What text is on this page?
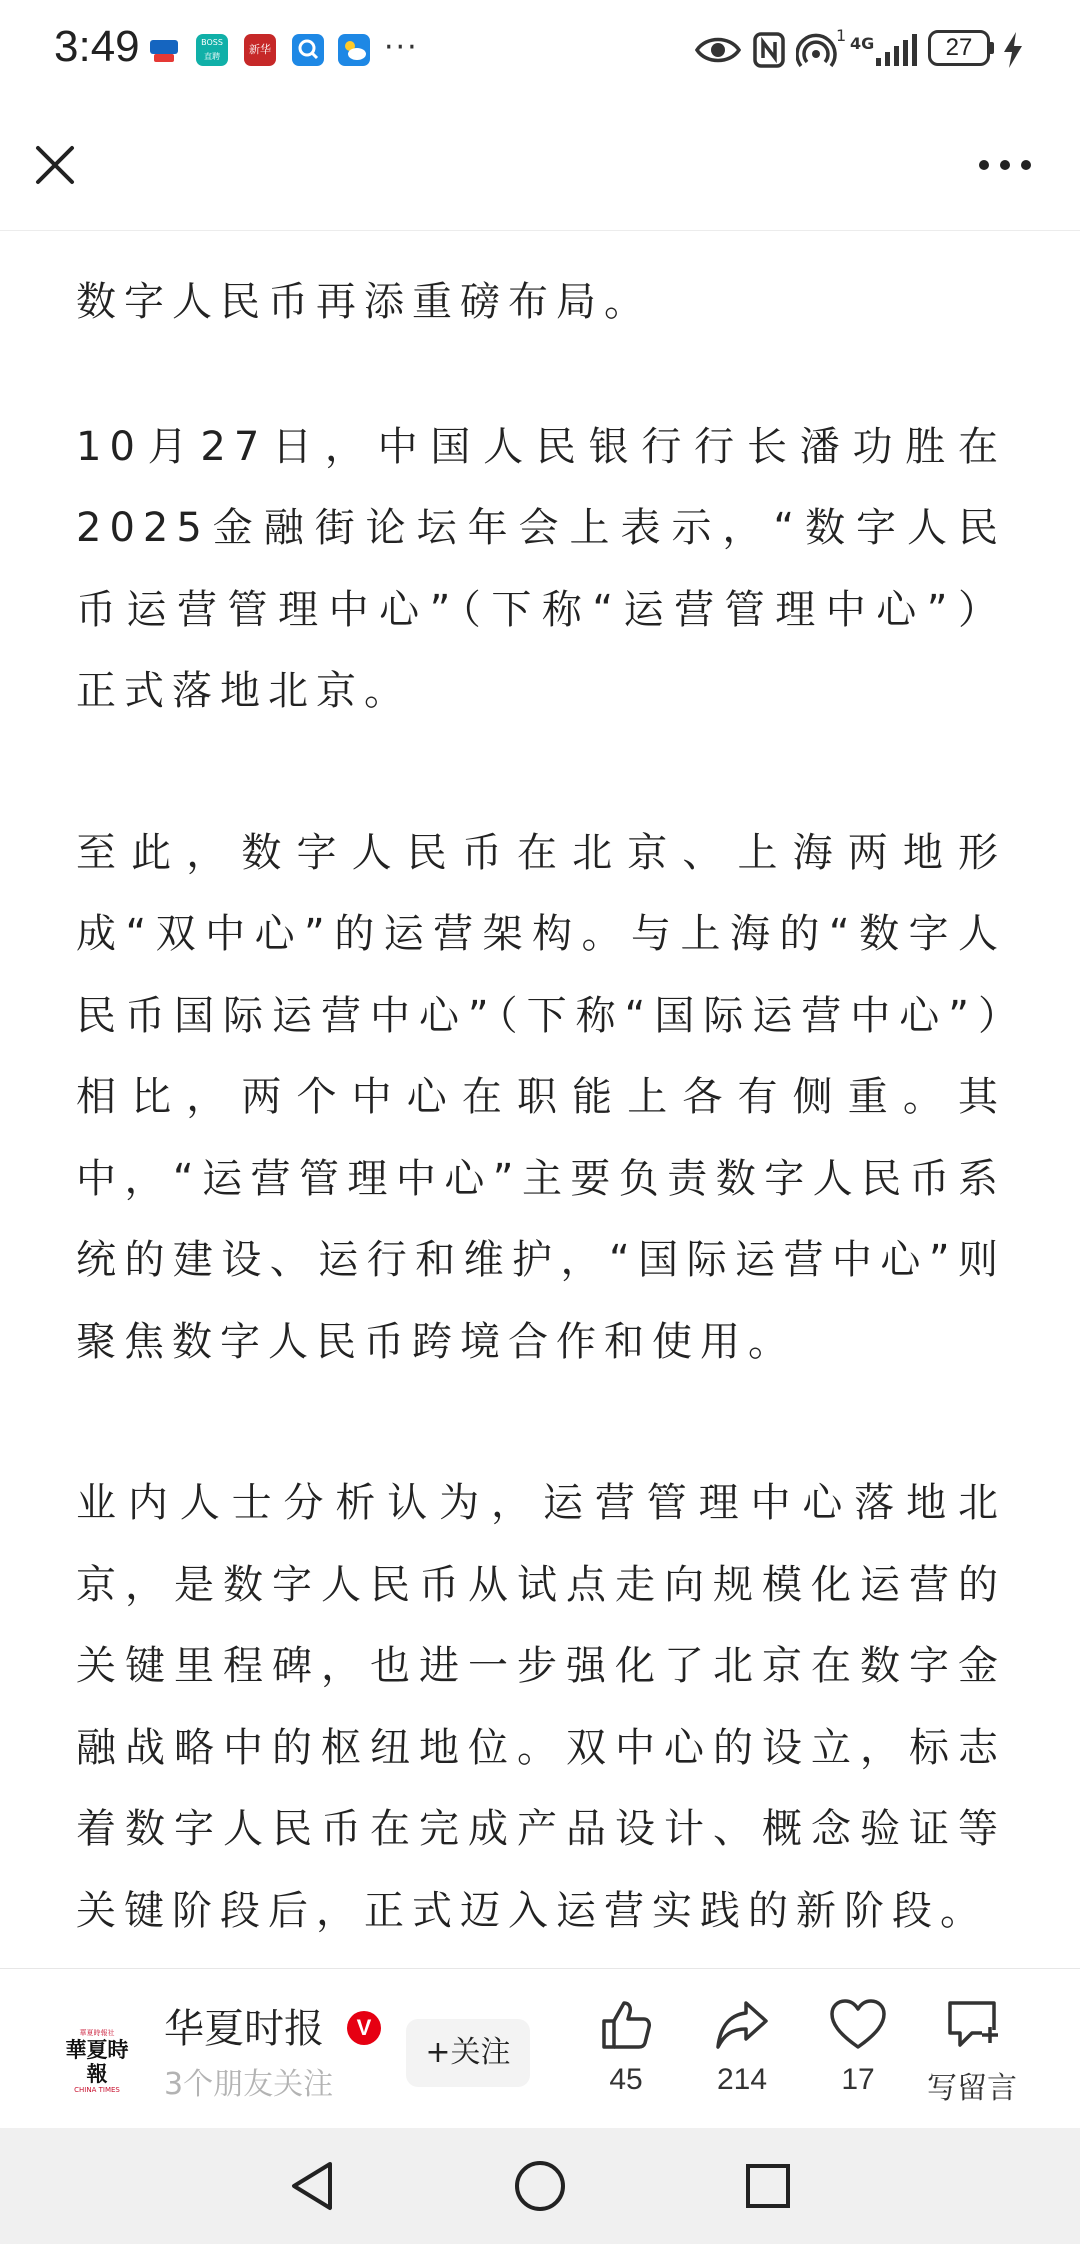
3:49	BOSS
直聘
新华	···	1 4G	27

数字人民币再添重磅布局。

10月27日，中国人民银行行长潘功胜在2025金融街论坛年会上表示，“数字人民币运营管理中心”（下称“运营管理中心”）正式落地北京。

至此，数字人民币在北京、上海两地形成“双中心”的运营架构。与上海的“数字人民币国际运营中心”（下称“国际运营中心”）相比，两个中心在职能上各有侧重。其中，“运营管理中心”主要负责数字人民币系统的建设、运行和维护，“国际运营中心”则聚焦数字人民币跨境合作和使用。

业内人士分析认为，运营管理中心落地北京，是数字人民币从试点走向规模化运营的关键里程碑，也进一步强化了北京在数字金融战略中的枢纽地位。双中心的设立，标志着数字人民币在完成产品设计、概念验证等关键阶段后，正式迈入运营实践的新阶段。

華夏時報社
華夏時報
CHINA TIMES
华夏时报	V
3个朋友关注
+关注
45	214	17	写留言
